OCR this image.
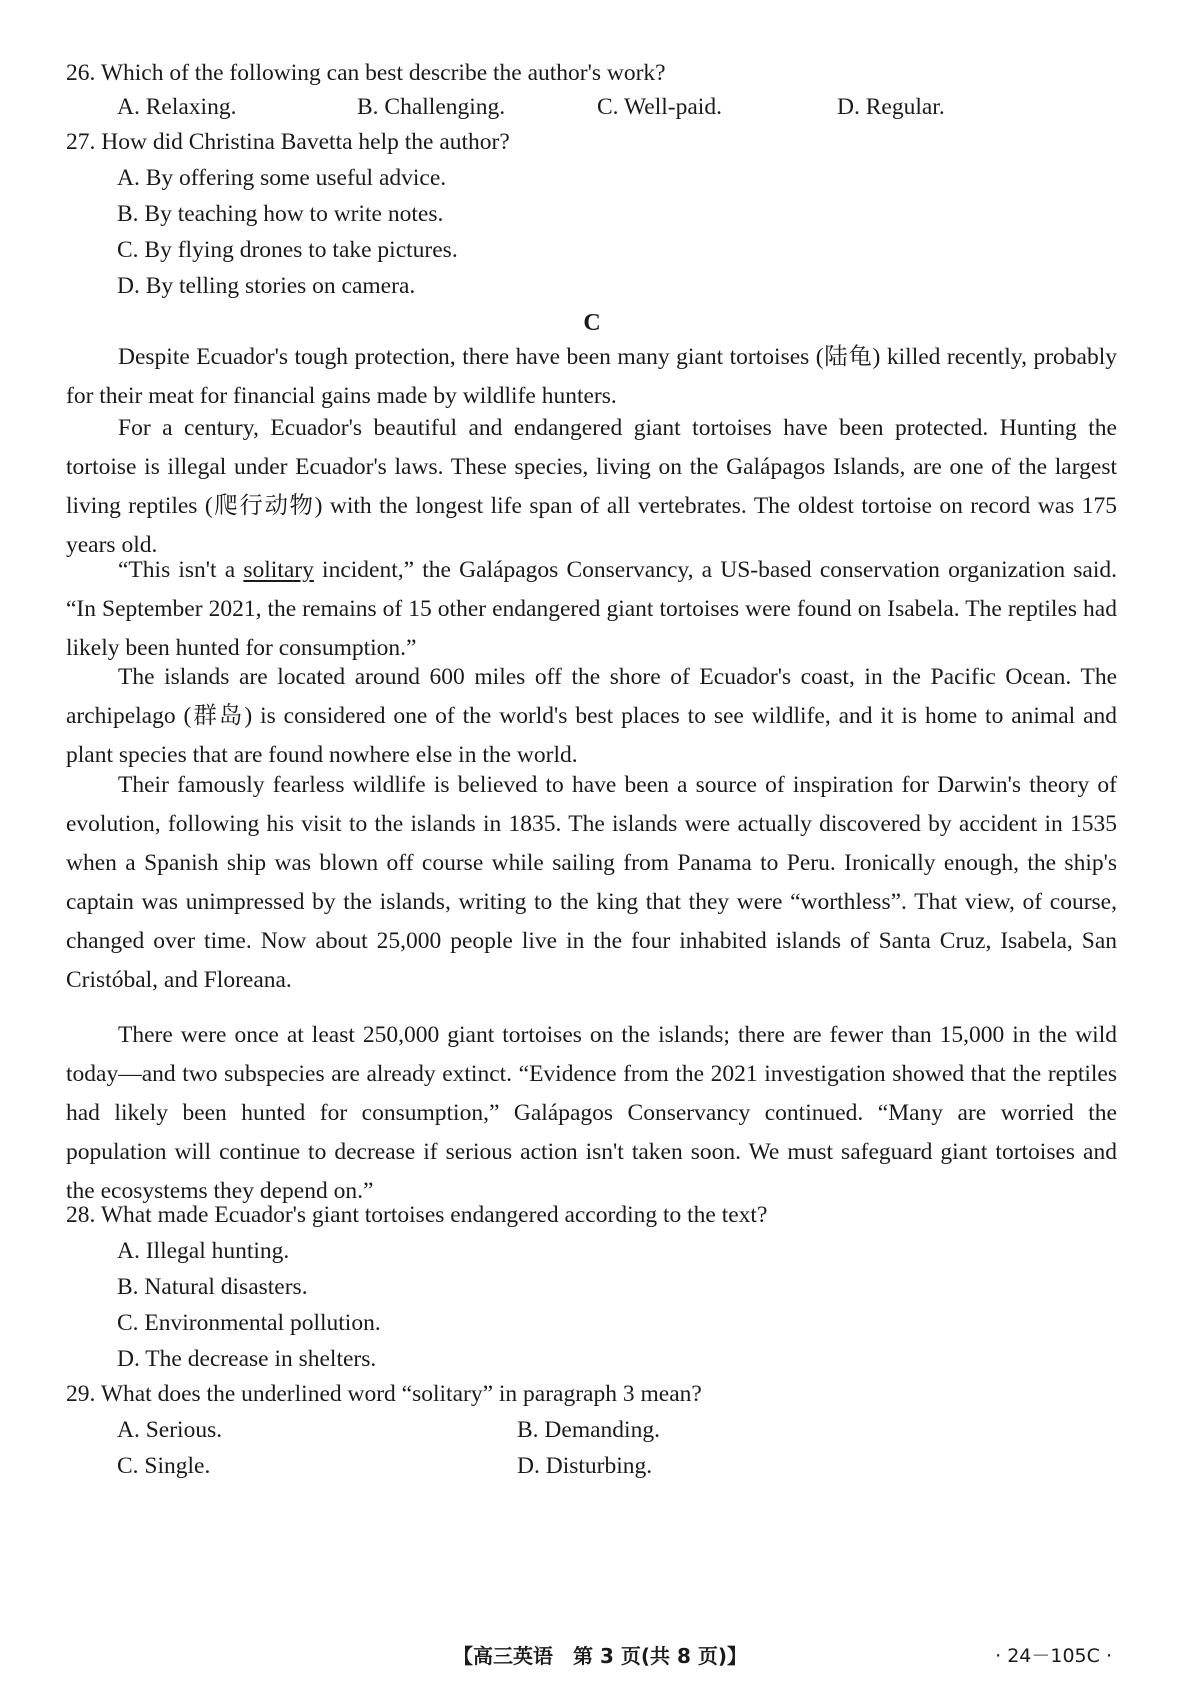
26. Which of the following can best describe the author's work?
A. Relaxing.	B. Challenging.	C. Well-paid.	D. Regular.
27. How did Christina Bavetta help the author?
A. By offering some useful advice.
B. By teaching how to write notes.
C. By flying drones to take pictures.
D. By telling stories on camera.
C
Despite Ecuador's tough protection, there have been many giant tortoises (陆龟) killed recently, probably for their meat for financial gains made by wildlife hunters.
For a century, Ecuador's beautiful and endangered giant tortoises have been protected. Hunting the tortoise is illegal under Ecuador's laws. These species, living on the Galápagos Islands, are one of the largest living reptiles (爬行动物) with the longest life span of all vertebrates. The oldest tortoise on record was 175 years old.
“This isn't a solitary incident,” the Galápagos Conservancy, a US-based conservation organization said. “In September 2021, the remains of 15 other endangered giant tortoises were found on Isabela. The reptiles had likely been hunted for consumption.”
The islands are located around 600 miles off the shore of Ecuador's coast, in the Pacific Ocean. The archipelago (群岛) is considered one of the world's best places to see wildlife, and it is home to animal and plant species that are found nowhere else in the world.
Their famously fearless wildlife is believed to have been a source of inspiration for Darwin's theory of evolution, following his visit to the islands in 1835. The islands were actually discovered by accident in 1535 when a Spanish ship was blown off course while sailing from Panama to Peru. Ironically enough, the ship's captain was unimpressed by the islands, writing to the king that they were “worthless”. That view, of course, changed over time. Now about 25,000 people live in the four inhabited islands of Santa Cruz, Isabela, San Cristóbal, and Floreana.
There were once at least 250,000 giant tortoises on the islands; there are fewer than 15,000 in the wild today—and two subspecies are already extinct. “Evidence from the 2021 investigation showed that the reptiles had likely been hunted for consumption,” Galápagos Conservancy continued. “Many are worried the population will continue to decrease if serious action isn't taken soon. We must safeguard giant tortoises and the ecosystems they depend on.”
28. What made Ecuador's giant tortoises endangered according to the text?
A. Illegal hunting.
B. Natural disasters.
C. Environmental pollution.
D. The decrease in shelters.
29. What does the underlined word “solitary” in paragraph 3 mean?
A. Serious.	B. Demanding.
C. Single.	D. Disturbing.
【高三英语　第 3 页(共 8 页)】	· 24－105C ·
